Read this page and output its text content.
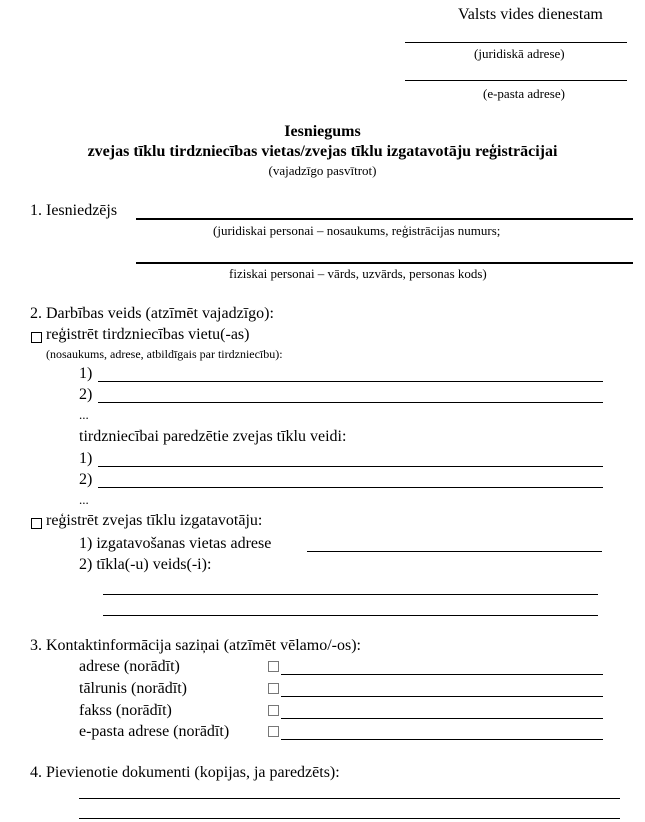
Valsts vides dienestam
(juridiskā adrese)
(e-pasta adrese)
Iesniegums
zvejas tīklu tirdzniecības vietas/zvejas tīklu izgatavotāju reģistrācijai
(vajadzīgo pasvītrot)
1. Iesniedzējs
(juridiskai personai – nosaukums, reģistrācijas numurs;
fiziskai personai – vārds, uzvārds, personas kods)
2. Darbības veids (atzīmēt vajadzīgo):
reģistrēt tirdzniecības vietu(-as)
(nosaukums, adrese, atbildīgais par tirdzniecību):
1)
2)
...
tirdzniecībai paredzētie zvejas tīklu veidi:
1)
2)
...
reģistrēt zvejas tīklu izgatavotāju:
1) izgatavošanas vietas adrese
2) tīkla(-u) veids(-i):
3. Kontaktinformācija saziņai (atzīmēt vēlamo/-os):
adrese (norādīt)
tālrunis (norādīt)
fakss (norādīt)
e-pasta adrese (norādīt)
4. Pievienotie dokumenti (kopijas, ja paredzēts):
